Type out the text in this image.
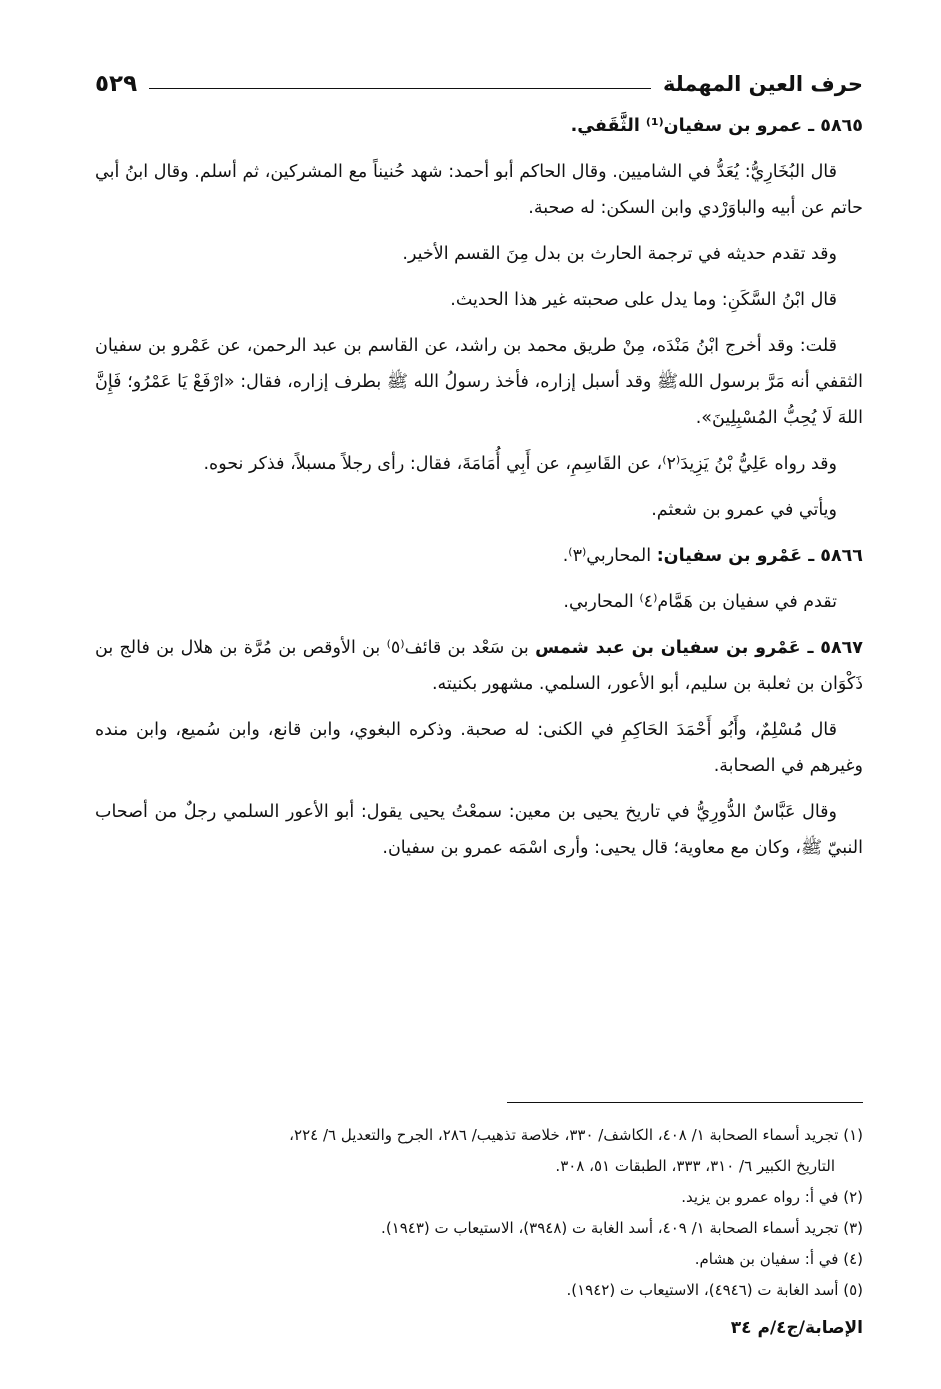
حرف العين المهملة
٥٢٩

٥٨٦٥ ـ عمرو بن سفيان⁽¹⁾ الثَّقَفي.

قال البُخَارِيُّ: يُعَدُّ في الشاميين. وقال الحاكم أبو أحمد: شهد حُنيناً مع المشركين، ثم أسلم. وقال ابنُ أبي حاتم عن أبيه والباوَرْدي وابن السكن: له صحبة.

وقد تقدم حديثه في ترجمة الحارث بن بدل مِنَ القسم الأخير.

قال ابْنُ السَّكَنِ: وما يدل على صحبته غير هذا الحديث.

قلت: وقد أخرج ابْنُ مَنْدَه، مِنْ طريق محمد بن راشد، عن القاسم بن عبد الرحمن، عن عَمْرو بن سفيان الثقفي أنه مَرَّ برسول اللهﷺ وقد أسبل إزاره، فأخذ رسولُ الله ﷺ بطرف إزاره، فقال: «ارْفَعْ يَا عَمْرُو؛ فَإِنَّ اللهَ لَا يُحِبُّ المُسْبِلِينَ».

وقد رواه عَلِيُّ بْنُ يَزِيدَ⁽٢⁾، عن القَاسِمِ، عن أَبِي أُمَامَةَ، فقال: رأى رجلاً مسبلاً، فذكر نحوه.

ويأتي في عمرو بن شعثم.

٥٨٦٦ ـ عَمْرو بن سفيان: المحاربي⁽٣⁾.

تقدم في سفيان بن هَمَّام⁽٤⁾ المحاربي.

٥٨٦٧ ـ عَمْرو بن سفيان بن عبد شمس بن سَعْد بن قائف⁽٥⁾ بن الأوقص بن مُرَّة بن هلال بن فالج بن ذَكْوَان بن ثعلبة بن سليم، أبو الأعور، السلمي. مشهور بكنيته.

قال مُسْلِمٌ، وأَبُو أَحْمَدَ الحَاكِمِ في الكنى: له صحبة. وذكره البغوي، وابن قانع، وابن سُميع، وابن منده وغيرهم في الصحابة.

وقال عَبَّاسٌ الدُّورِيُّ في تاريخ يحيى بن معين: سمعْتُ يحيى يقول: أبو الأعور السلمي رجلٌ من أصحاب النبيّ ﷺ، وكان مع معاوية؛ قال يحيى: وأرى اسْمَه عمرو بن سفيان.

(١) تجريد أسماء الصحابة ١/ ٤٠٨، الكاشف/ ٣٣٠، خلاصة تذهيب/ ٢٨٦، الجرح والتعديل ٦/ ٢٢٤،

التاريخ الكبير ٦/ ٣١٠، ٣٣٣، الطبقات ٥١، ٣٠٨.

(٢) في أ: رواه عمرو بن يزيد.

(٣) تجريد أسماء الصحابة ١/ ٤٠٩، أسد الغابة ت (٣٩٤٨)، الاستيعاب ت (١٩٤٣).

(٤) في أ: سفيان بن هشام.

(٥) أسد الغابة ت (٤٩٤٦)، الاستيعاب ت (١٩٤٢).

الإصابة/ج٤/م ٣٤
